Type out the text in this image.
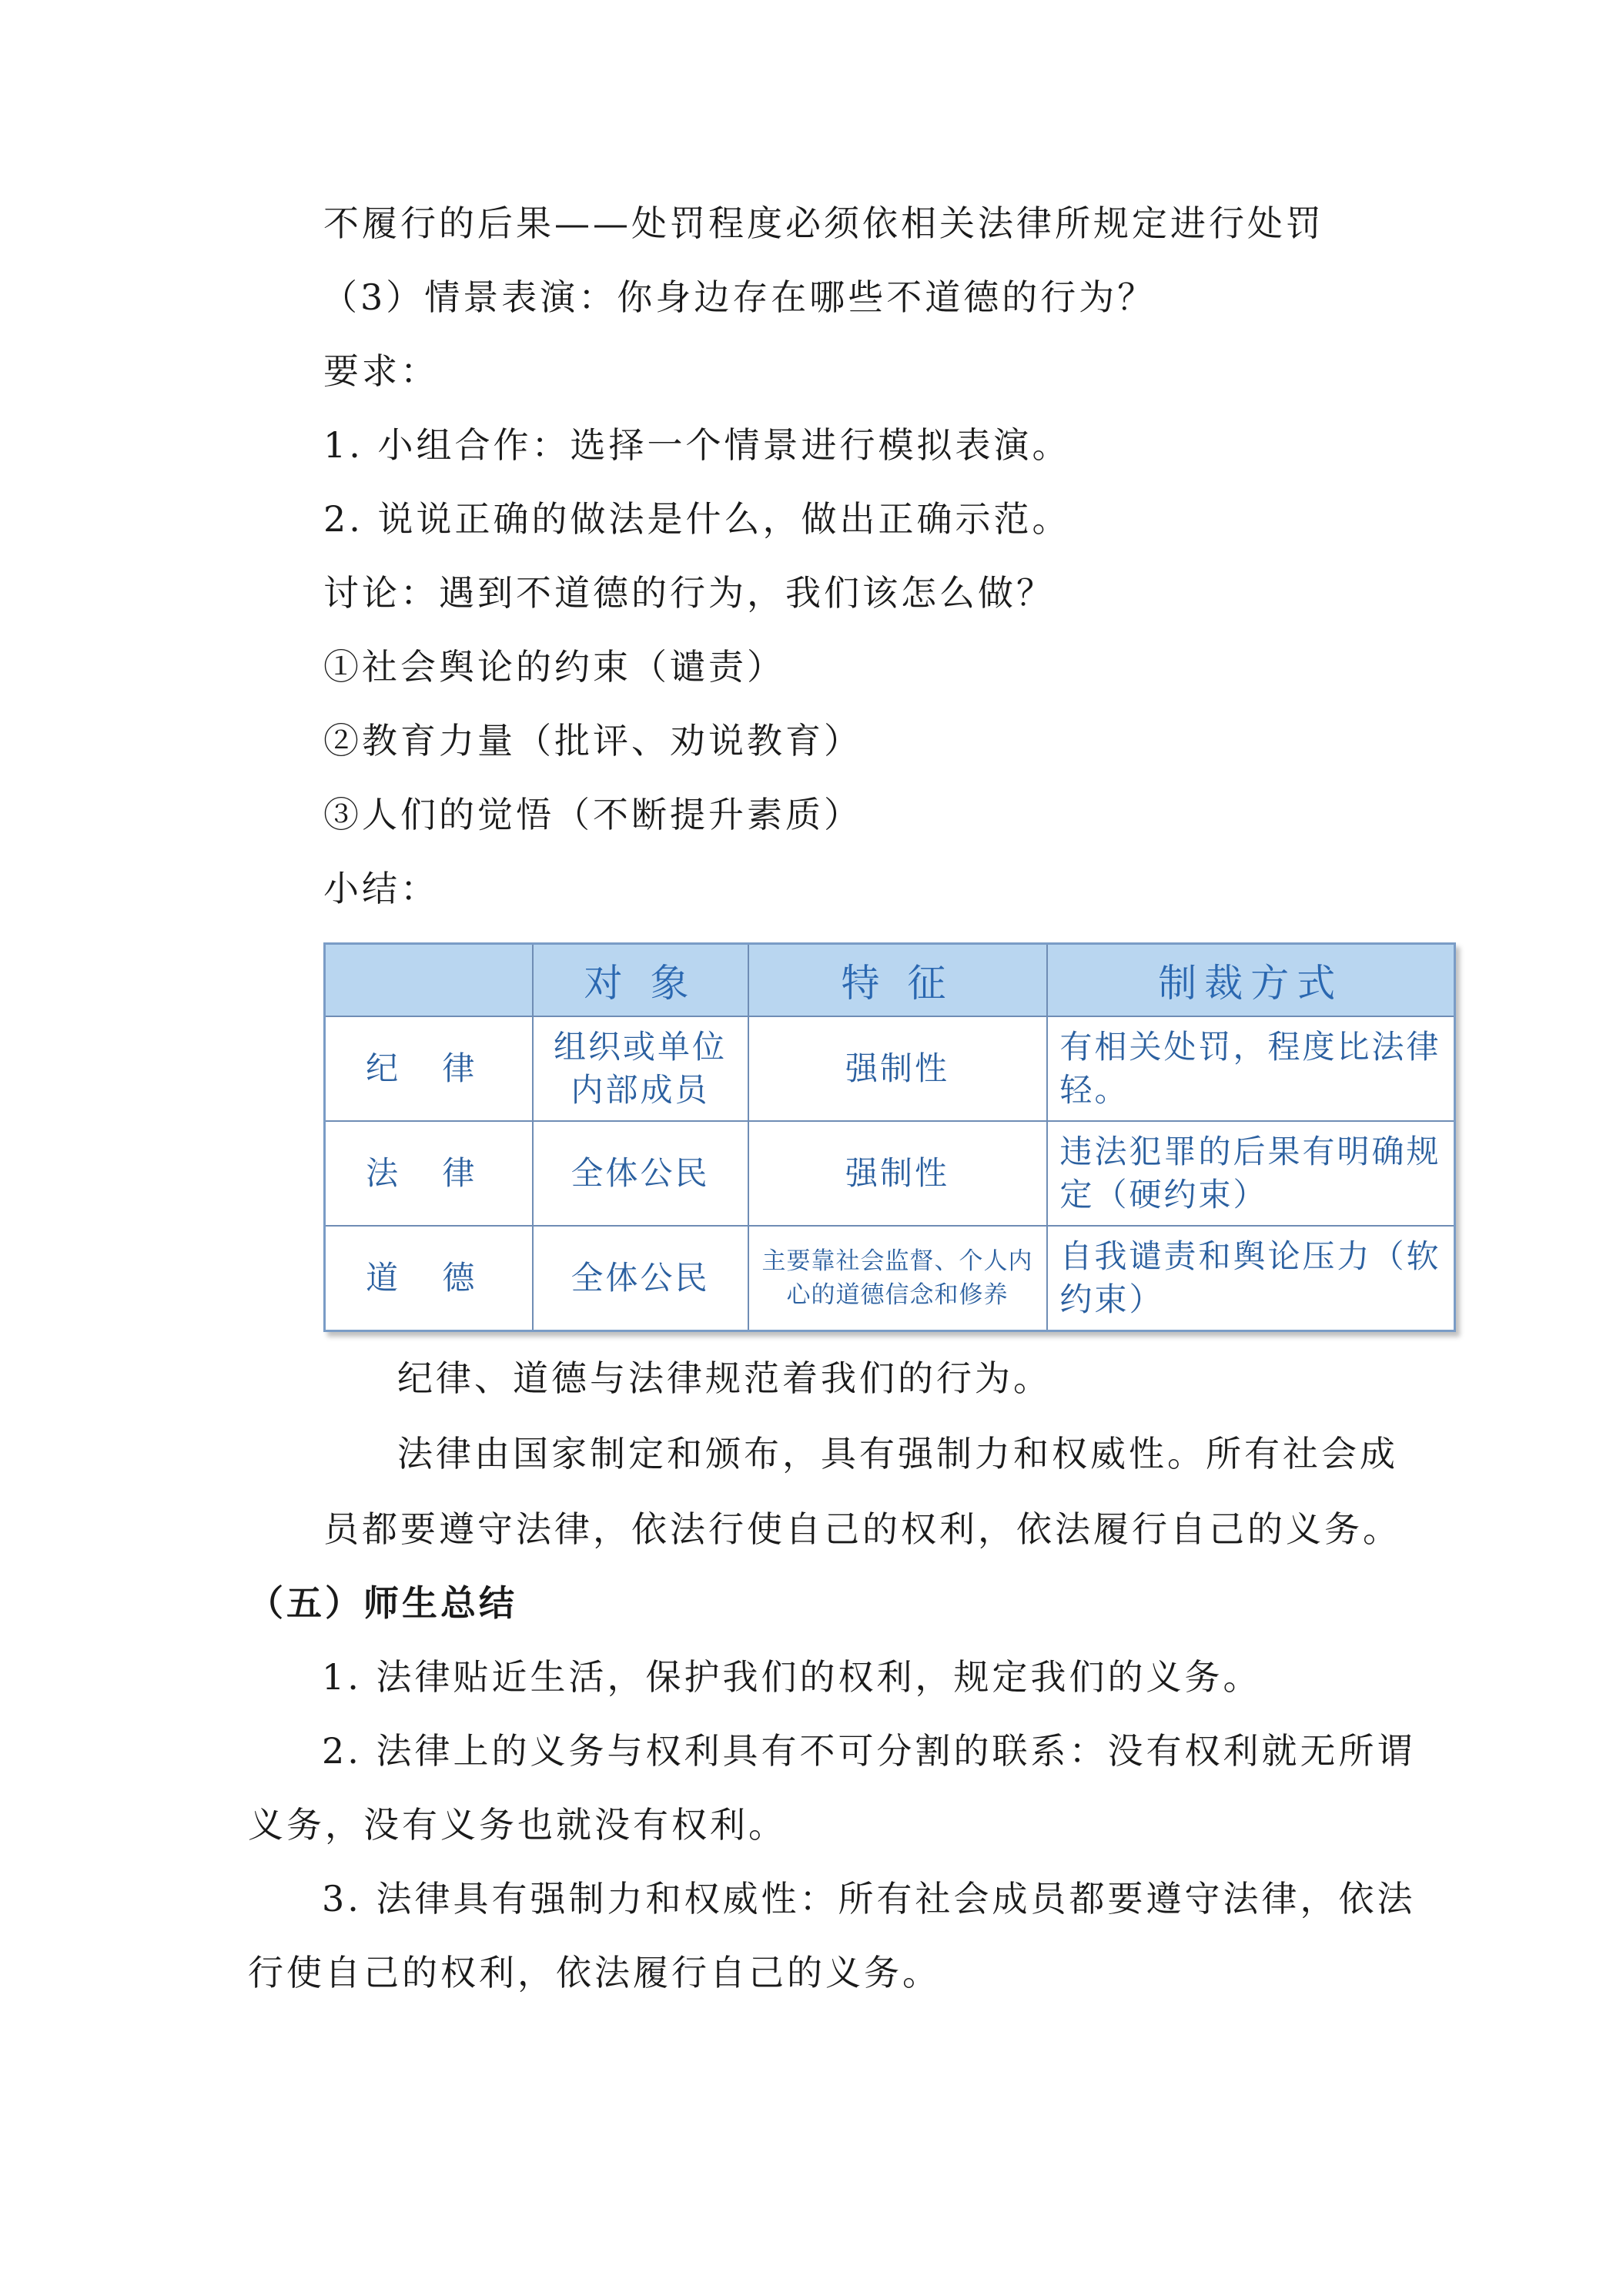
不履行的后果——处罚程度必须依相关法律所规定进行处罚
（3）情景表演：你身边存在哪些不道德的行为？
要求：
1. 小组合作：选择一个情景进行模拟表演。
2. 说说正确的做法是什么，做出正确示范。
讨论：遇到不道德的行为，我们该怎么做？
①社会舆论的约束（谴责）
②教育力量（批评、劝说教育）
③人们的觉悟（不断提升素质）
小结：
	对 象	特 征	制裁方式
纪 律	组织或单位内部成员	强制性	有相关处罚，程度比法律轻。
法 律	全体公民	强制性	违法犯罪的后果有明确规定（硬约束）
道 德	全体公民	主要靠社会监督、个人内心的道德信念和修养	自我谴责和舆论压力（软约束）
纪律、道德与法律规范着我们的行为。
法律由国家制定和颁布，具有强制力和权威性。所有社会成
员都要遵守法律，依法行使自己的权利，依法履行自己的义务。
（五）师生总结
1. 法律贴近生活，保护我们的权利，规定我们的义务。
2. 法律上的义务与权利具有不可分割的联系：没有权利就无所谓
义务，没有义务也就没有权利。
3. 法律具有强制力和权威性：所有社会成员都要遵守法律，依法
行使自己的权利，依法履行自己的义务。
